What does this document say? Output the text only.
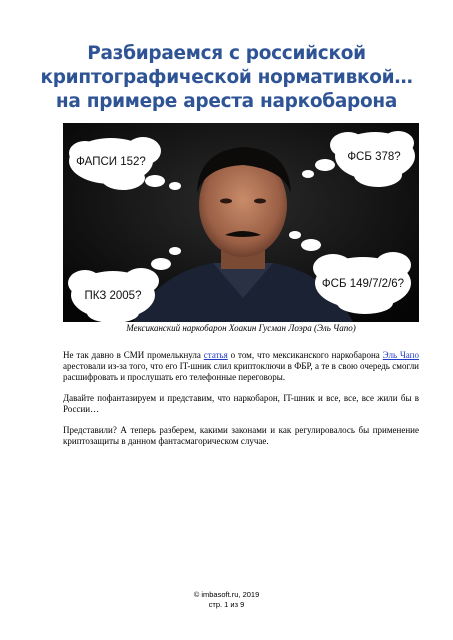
Разбираемся с российской
криптографической нормативкой…
на примере ареста наркобарона
ФАПСИ 152?	ФСБ 378?
ПКЗ 2005?
ФСБ 149/7/2/6?
Мексиканский наркобарон Хоакин Гусман Лоэра (Эль Чапо)

Не так давно в СМИ промелькнула статья о том, что мексиканского наркобарона Эль Чапо арестовали из-за того, что его IT-шник слил криптоключи в ФБР, а те в свою очередь смогли расшифровать и прослушать его телефонные переговоры.

Давайте пофантазируем и представим, что наркобарон, IT-шник и все, все, все жили бы в России…

Представили? А теперь разберем, какими законами и как регулировалось бы применение криптозащиты в данном фантасмагорическом случае.

© imbasoft.ru, 2019
стр. 1 из 9
